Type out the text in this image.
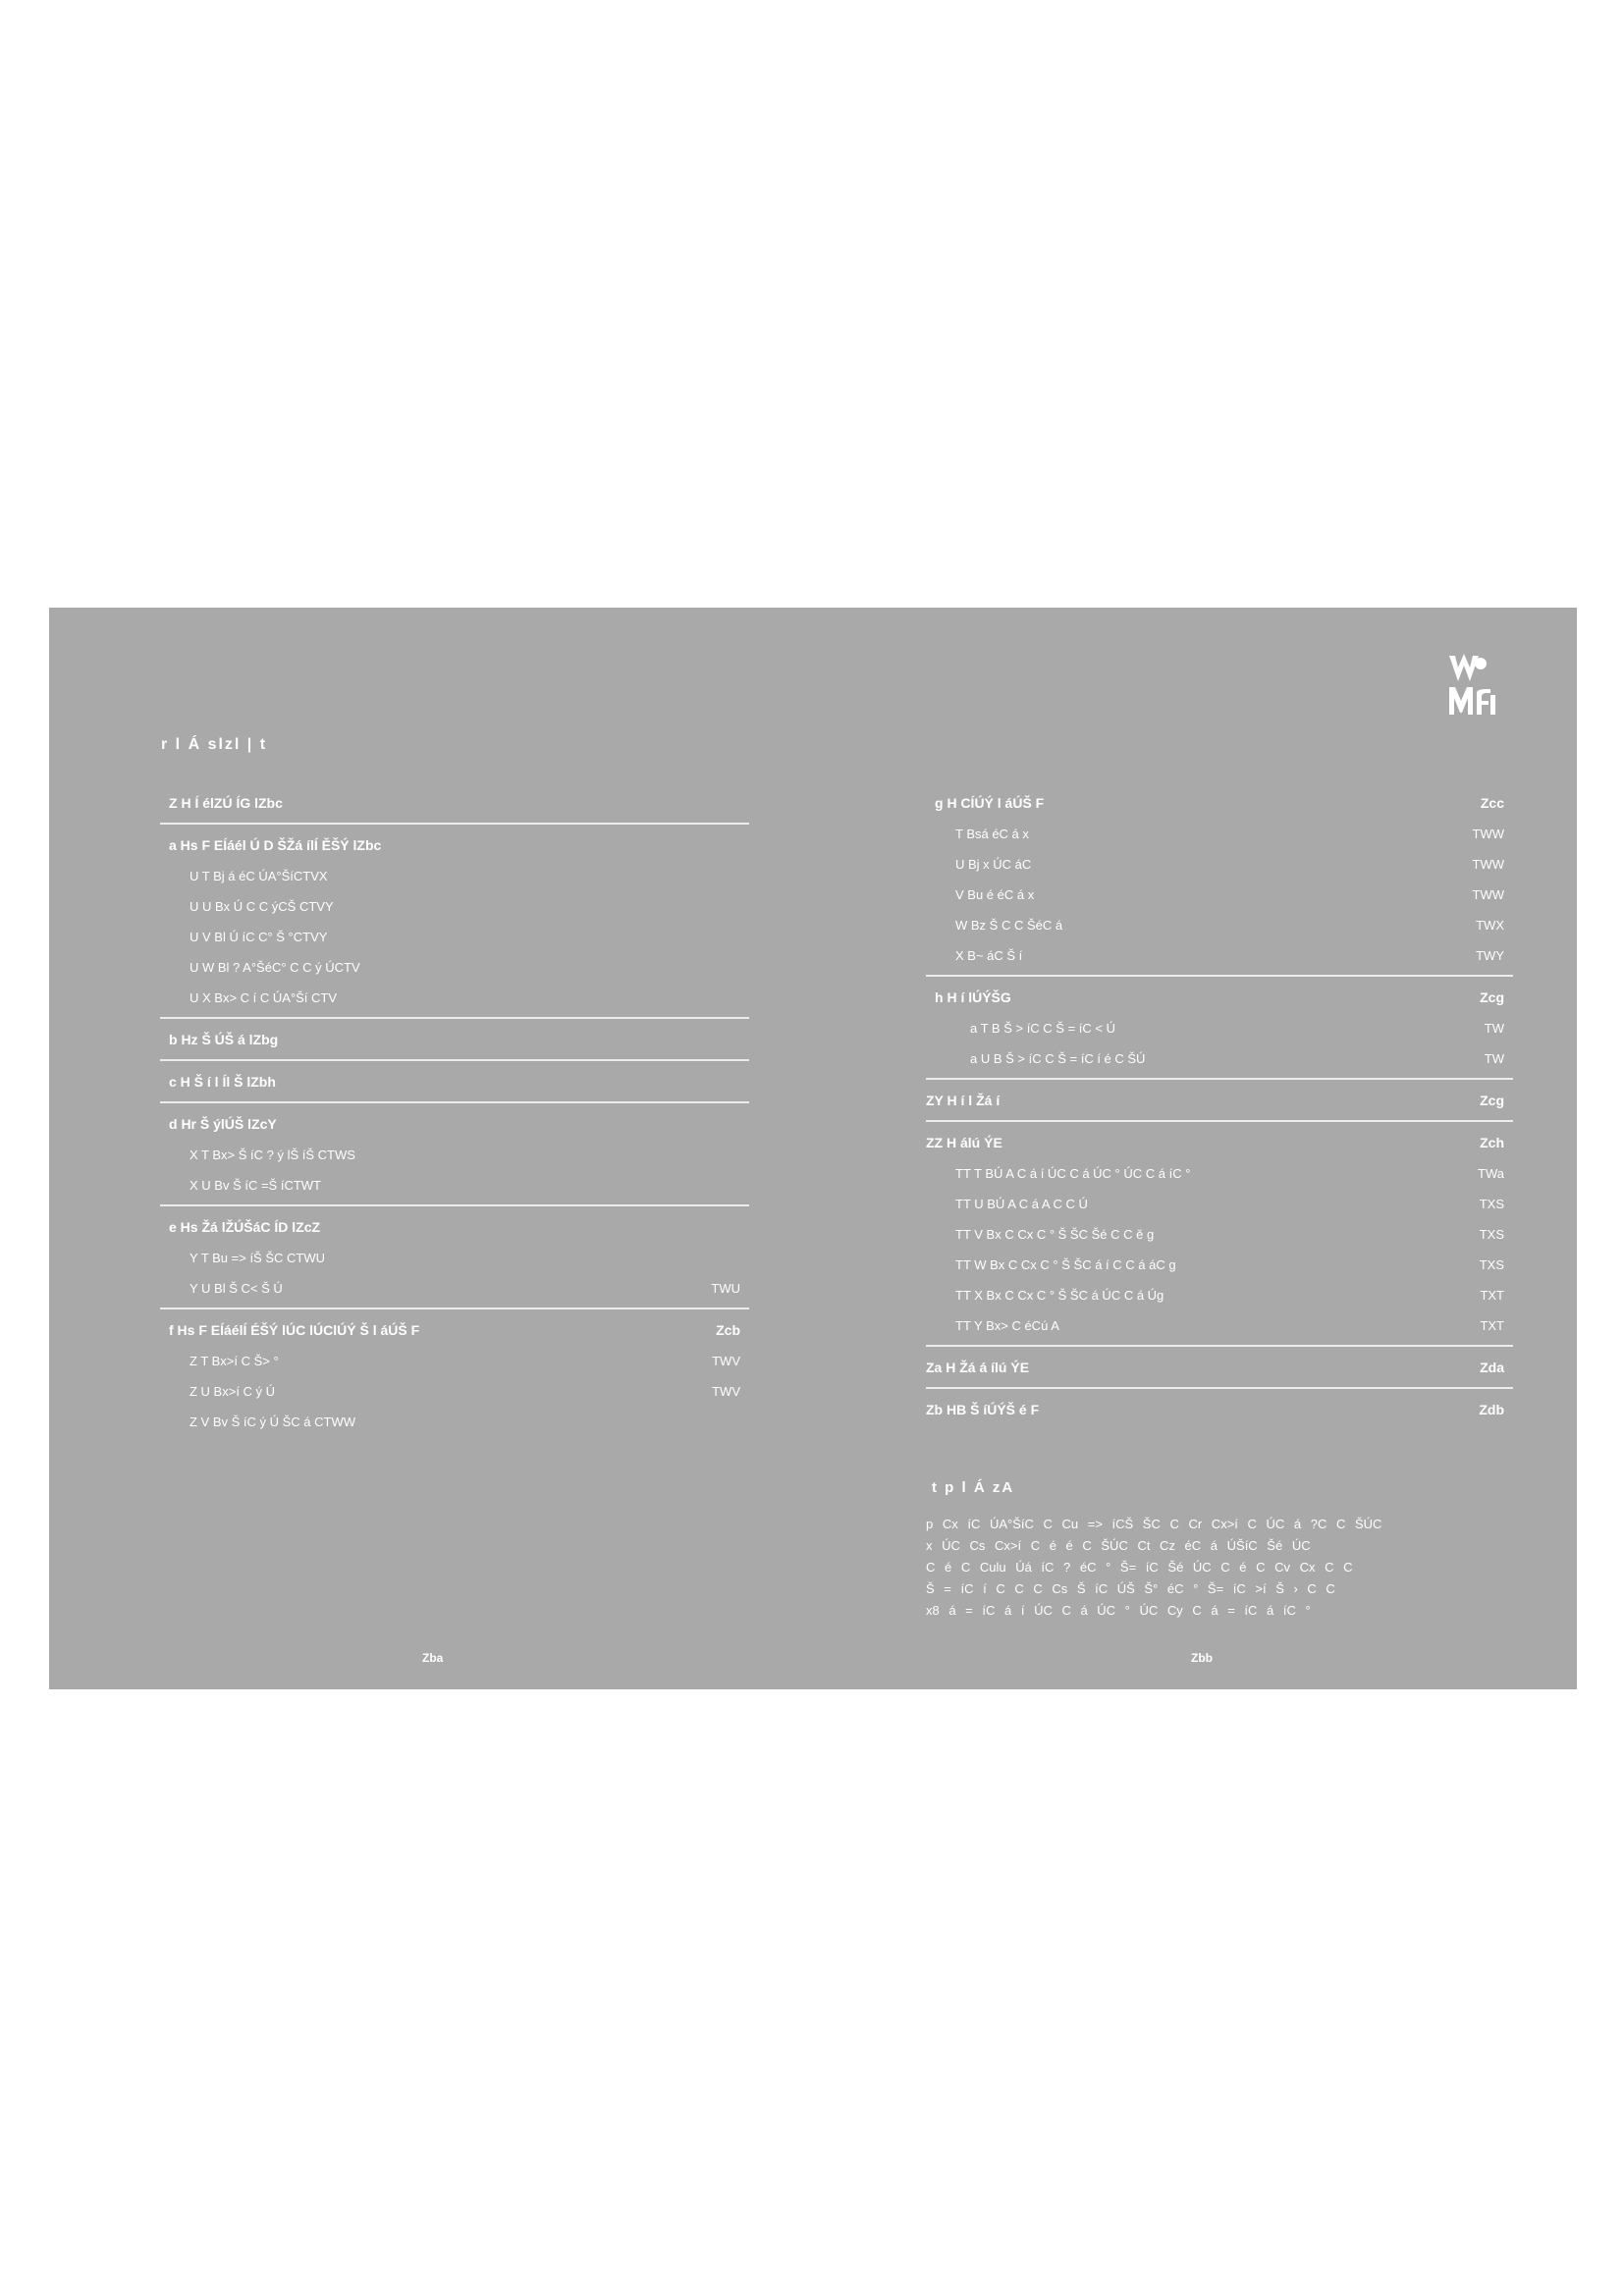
r l Á slzl | t
Z H Í élZÚ ÍG lZbc
a Hs F EÍáél Ú D ŠŽá ílÍ ĚŠÝ lZbc
U T Bj á éC ÚA°ŠíCTVX
U U Bx Ú C C ýCŠ CTVY
U V Bl Ú íC C° Š °CTVY
U W Bl ? A°ŠéC° C C ý ÚCTV
U X Bx> C í C ÚA°Ší CTV
b Hz Š ÚŠ á lZbg
c H Š í l Íl Š lZbh
d Hr Š ýlÚŠ lZcY
X T Bx> Š íC ? ý lŠ íŠ CTWS
X U Bv Š íC =Š íCTWT
e Hs Žá lŽÚŠáC ÍD lZcZ
Y T Bu => íŠ ŠC CTWU
Y U Bl Š C< Š Ú	TWU
f Hs F EÍáélÍ ÉŠÝ lÚC lÚClÚÝ Š l áÚŠ F	Zcb
Z T Bx>í C Š> °	TWV
Z U Bx>í C ý Ú	TWV
Z V Bv Š íC ý Ú ŠC á CTWW
g H CÍÚÝ l áÚŠ F	Zcc
T Bsá éC á x	TWW
U Bj x ÚC áC	TWW
V Bu é éC á x	TWW
W Bz Š C C ŠéC á	TWX
X B~ áC Š í	TWY
h H í lÚÝŠG	Zcg
a T B Š > íC C Š = íC < Ú	TW
a U B Š > íC C Š = íC í é C ŠÚ	TW
ZY H í l Žá í	Zcg
ZZ H álú ÝE	Zch
TT T BÚ A C á í ÚC C á ÚC ° ÚC C á íC °	TWa
TT U BÚ A C á A C C Ú	TXS
TT V Bx C Cx C ° Š ŠC Šé C C ě g	TXS
TT W Bx C Cx C ° Š ŠC á í C C á áC g	TXS
TT X Bx C Cx C ° Š ŠC á ÚC C á Úg	TXT
TT Y Bx> C éCú A	TXT
Za H Žá á ílú ÝE	Zda
Zb HB Š íÚÝŠ é F	Zdb
Zba	Zbb
t p l Á zA
p Cx íC ÚA°ŠíC C Cu => íCŠ ŠC C Cr Cx>í C ÚC á ?C C ŠÚC
x ÚC Cs Cx>í C é é C ŠÚC Ct Cz éC á ÚŠíC Šé ÚC
C é C Culu Úá íC ? éC ° Š= íC Šé ÚC C é C Cv Cx C C
Š = íC í C C C Cs Š íC ÚŠ Š° éC ° Š= íC >í Š › C C
x8 á = íC á í ÚC C á ÚC ° ÚC Cy C á = íC á íC °
